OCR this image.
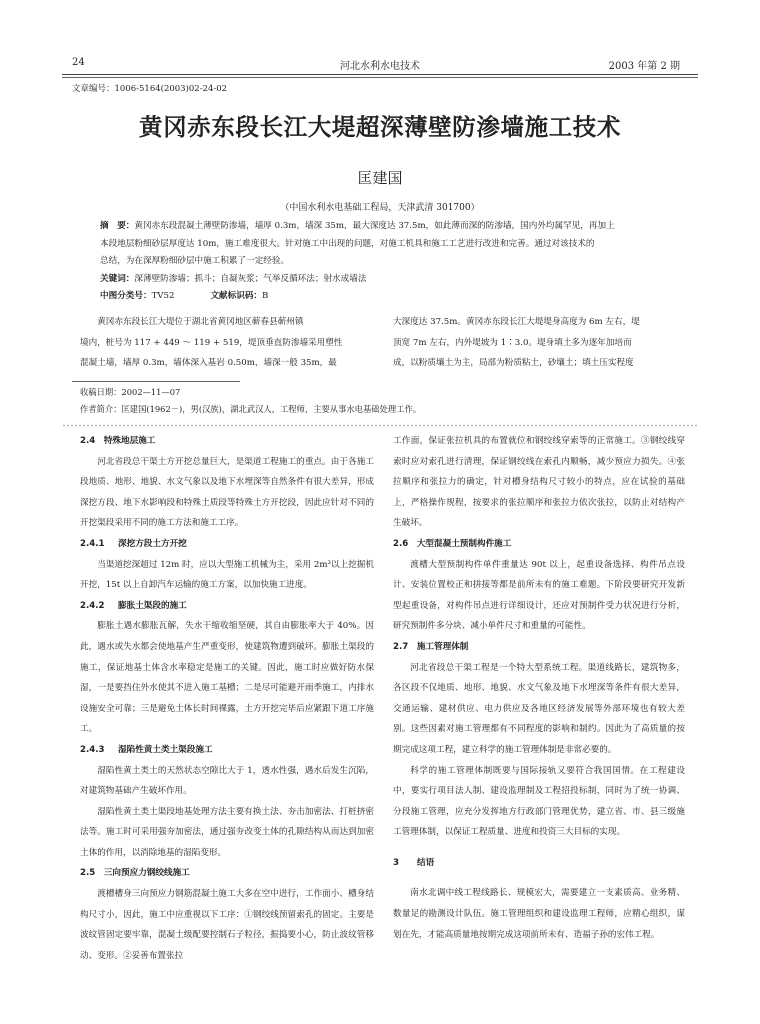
24	河北水利水电技术	2003 年第 2 期
文章编号：1006-5164(2003)02-24-02
黄冈赤东段长江大堤超深薄壁防渗墙施工技术
匡建国
（中国水利水电基础工程局，天津武清 301700）
摘　要：黄冈赤东段混凝土薄壁防渗墙，墙厚 0.3m，墙深 35m，最大深度达 37.5m，如此薄而深的防渗墙，国内外均属罕见，再加上
本段地层粉细砂层厚度达 10m，施工难度很大。针对施工中出现的问题，对施工机具和施工工艺进行改进和完善。通过对该技术的
总结，为在深厚粉细砂层中施工积累了一定经验。
关键词：深薄壁防渗墙；抓斗；自凝灰浆；气举反循环法；射水成墙法
中图分类号：TV52	文献标识码：B
黄冈赤东段长江大堤位于湖北省黄冈地区蕲春县蕲州镇
境内，桩号为 117 + 449 ～ 119 + 519，堤顶垂直防渗墙采用塑性
混凝土墙，墙厚 0.3m，墙体深入基岩 0.50m，墙深一般 35m，最
大深度达 37.5m。黄冈赤东段长江大堤堤身高度为 6m 左右，堤
顶宽 7m 左右，内外堤坡为 1∶3.0。堤身填土多为逐年加培而
成，以粉质壤土为主，局部为粉质粘土，砂壤土；填土压实程度
收稿日期：2002—11—07
作者简介：匡建国(1962－)，男(汉族)，湖北武汉人，工程师，主要从事水电基础处理工作。
2.4　特殊地层施工

河北省段总干渠土方开挖总量巨大，是渠道工程施工的重点。由于各施工段地质、地形、地貌、水文气象以及地下水埋深等自然条件有很大差异，形成深挖方段、地下水影响段和特殊土质段等特殊土方开挖段，因此应针对不同的开挖渠段采用不同的施工方法和施工工序。

2.4.1 深挖方段土方开挖

当渠道挖深超过 12m 时，应以大型施工机械为主，采用 2m³以上挖掘机开挖，15t 以上自卸汽车运输的施工方案，以加快施工进度。

2.4.2 膨胀土渠段的施工

膨胀土遇水膨胀瓦解，失水干缩收缩坚硬，其自由膨胀率大于 40%。因此，遇水或失水都会使地基产生严重变形，使建筑物遭到破坏。膨胀土渠段的施工，保证地基土体含水率稳定是施工的关键。因此，施工时应做好防水保湿，一是要挡住外水使其不进入施工基槽；二是尽可能避开雨季施工，内排水设施安全可靠；三是避免土体长时间裸露，土方开挖完毕后应紧跟下道工序施工。

2.4.3 湿陷性黄土类土渠段施工

湿陷性黄土类土的天然状态空隙比大于 1，透水性强，遇水后发生沉陷，对建筑物基础产生破坏作用。

湿陷性黄土类土渠段地基处理方法主要有换土法、夯击加密法、打桩挤密法等。施工时可采用强夯加密法，通过强夯改变土体的孔隙结构从而达到加密土体的作用，以消除地基的湿陷变形。

2.5　三向预应力钢绞线施工

渡槽槽身三向预应力钢筋混凝土施工大多在空中进行，工作面小、槽身结构尺寸小，因此，施工中应重视以下工序：①钢绞线预留索孔的固定。主要是波纹管固定要牢靠，混凝土级配要控制石子粒径，振捣要小心，防止波纹管移动、变形。②妥善布置张拉

工作面，保证张拉机具的布置就位和钢绞线穿索等的正常施工。③钢绞线穿索时应对索孔进行清理，保证钢绞线在索孔内顺畅，减少预应力损失。④张拉顺序和张拉力的确定，针对槽身结构尺寸较小的特点，应在试验的基础上，严格操作规程，按要求的张拉顺序和张拉力依次张拉，以防止对结构产生破坏。

2.6　大型混凝土预制构件施工

渡槽大型预制构件单件重量达 90t 以上，起重设备选择、构件吊点设计、安装位置校正和拼接等都是前所未有的施工难题。下阶段要研究开发新型起重设备，对构件吊点进行详细设计，还应对预制件受力状况进行分析，研究预制件多分块、减小单件尺寸和重量的可能性。

2.7　施工管理体制

河北省段总干渠工程是一个特大型系统工程。渠道线路长，建筑物多，各区段不仅地质、地形、地貌、水文气象及地下水埋深等条件有很大差异，交通运输、建材供应、电力供应及各地区经济发展等外部环境也有较大差别。这些因素对施工管理都有不同程度的影响和制约。因此为了高质量的按期完成这项工程，建立科学的施工管理体制是非常必要的。

科学的施工管理体制既要与国际接轨又要符合我国国情。在工程建设中，要实行项目法人制、建设监理制及工程招投标制，同时为了统一协调、分段施工管理，应充分发挥地方行政部门管理优势，建立省、市、县三级施工管理体制，以保证工程质量、进度和投资三大目标的实现。

3 结语

南水北调中线工程线路长、规模宏大，需要建立一支素质高、业务精、数量足的勘测设计队伍。施工管理组织和建设监理工程师，应精心组织，谋划在先，才能高质量地按期完成这项前所未有、造福子孙的宏伟工程。
